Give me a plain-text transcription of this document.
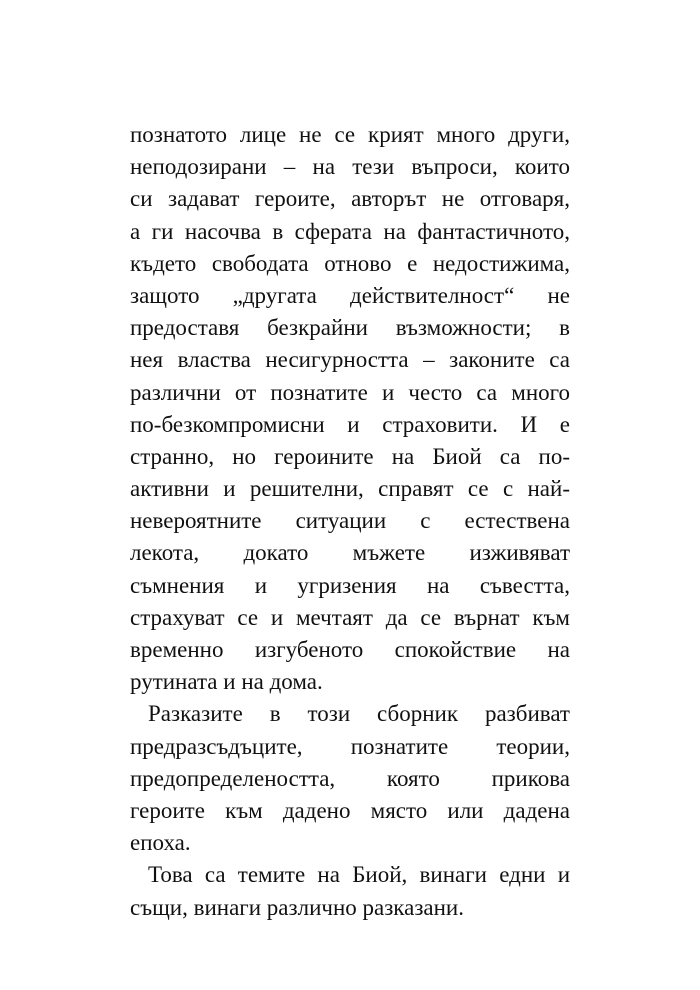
познатото лице не се крият много други,
неподозирани – на тези въпроси, които
си задават героите, авторът не отговаря,
а ги насочва в сферата на фантастичното,
където свободата отново е недостижима,
защото „другата действителност“ не
предоставя безкрайни възможности; в
нея властва несигурността – законите са
различни от познатите и често са много
по-безкомпромисни и страховити. И е
странно, но героините на Биой са по-
активни и решителни, справят се с най-
невероятните ситуации с естествена
лекота, докато мъжете изживяват
съмнения и угризения на съвестта,
страхуват се и мечтаят да се върнат към
временно изгубеното спокойствие на
рутината и на дома.
Разказите в този сборник разбиват
предразсъдъците, познатите теории,
предопределеността, която прикова
героите към дадено място или дадена
епоха.
Това са темите на Биой, винаги едни и
същи, винаги различно разказани.
